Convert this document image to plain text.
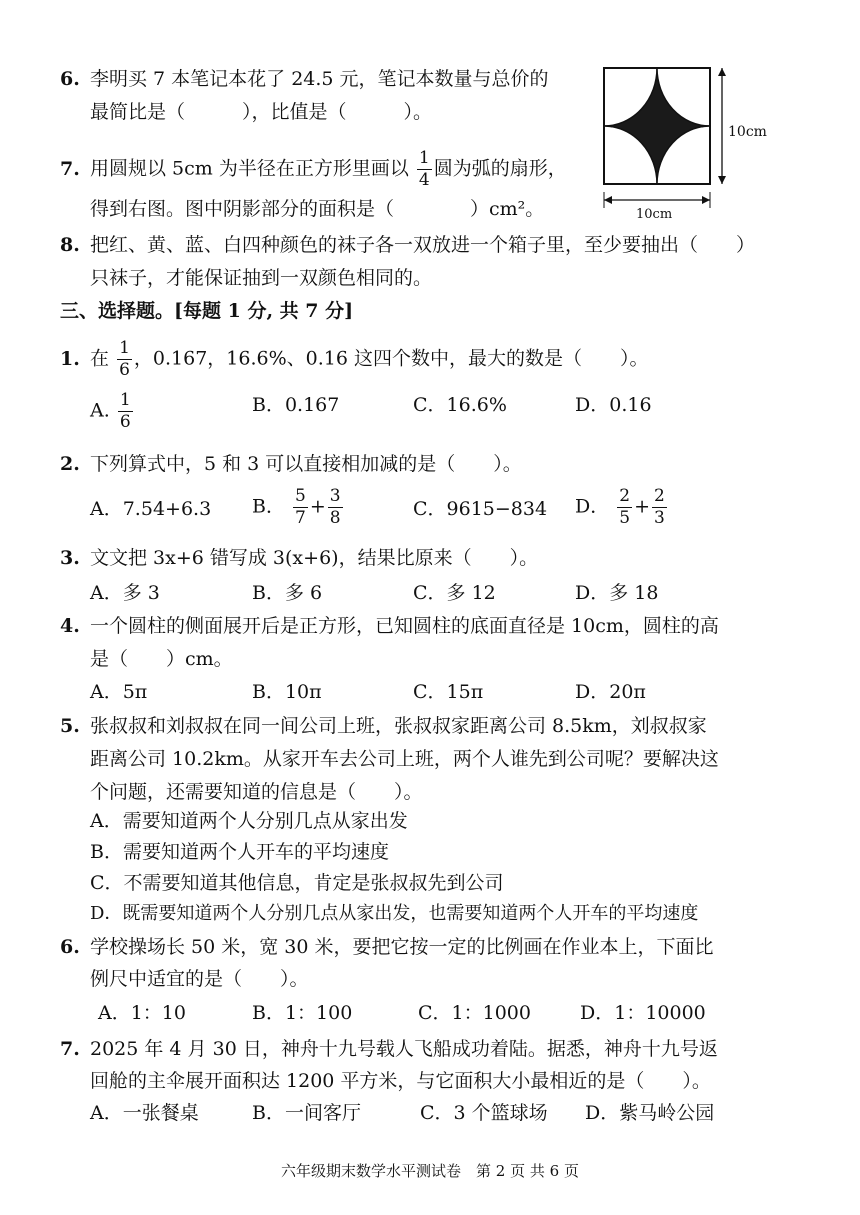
6. 李明买 7 本笔记本花了 24.5 元，笔记本数量与总价的
最简比是（　　　），比值是（　　　）。
7. 用圆规以 5cm 为半径在正方形里画以 $\frac{1}{4}$ 圆为弧的扇形，
得到右图。图中阴影部分的面积是（　　　　）cm²。
10cm
10cm
8. 把红、黄、蓝、白四种颜色的袜子各一双放进一个箱子里，至少要抽出（　　）
只袜子，才能保证抽到一双颜色相同的。
三、选择题。[每题 1 分, 共 7 分]
1. 在 $\frac{1}{6}$ ，0.167，16.6%、0.16 这四个数中，最大的数是（　　）。
A. $\frac{1}{6}$	B．0.167	C．16.6%	D．0.16
2. 下列算式中，5 和 3 可以直接相加减的是（　　）。
A．7.54+6.3 B． $\frac{5}{7} + \frac{3}{8}$	C．9615−834 D． $\frac{2}{5} + \frac{2}{3}$
3. 文文把 3x+6 错写成 3(x+6)，结果比原来（　　）。
A．多 3	B．多 6	C．多 12	D．多 18
4. 一个圆柱的侧面展开后是正方形，已知圆柱的底面直径是 10cm，圆柱的高
是（　　）cm。
A．5π	B．10π	C．15π	D．20π
5. 张叔叔和刘叔叔在同一间公司上班，张叔叔家距离公司 8.5km，刘叔叔家
距离公司 10.2km。从家开车去公司上班，两个人谁先到公司呢？要解决这
个问题，还需要知道的信息是（　　）。
A．需要知道两个人分别几点从家出发
B．需要知道两个人开车的平均速度
C．不需要知道其他信息，肯定是张叔叔先到公司
D．既需要知道两个人分别几点从家出发，也需要知道两个人开车的平均速度
6. 学校操场长 50 米，宽 30 米，要把它按一定的比例画在作业本上，下面比
例尺中适宜的是（　　）。
A．1：10	B．1：100	C．1：1000	D．1：10000
7. 2025 年 4 月 30 日，神舟十九号载人飞船成功着陆。据悉，神舟十九号返
回舱的主伞展开面积达 1200 平方米，与它面积大小最相近的是（　　）。
A．一张餐桌	B．一间客厅	C．3 个篮球场 D．紫马岭公园
六年级期末数学水平测试卷　第 2 页 共 6 页
